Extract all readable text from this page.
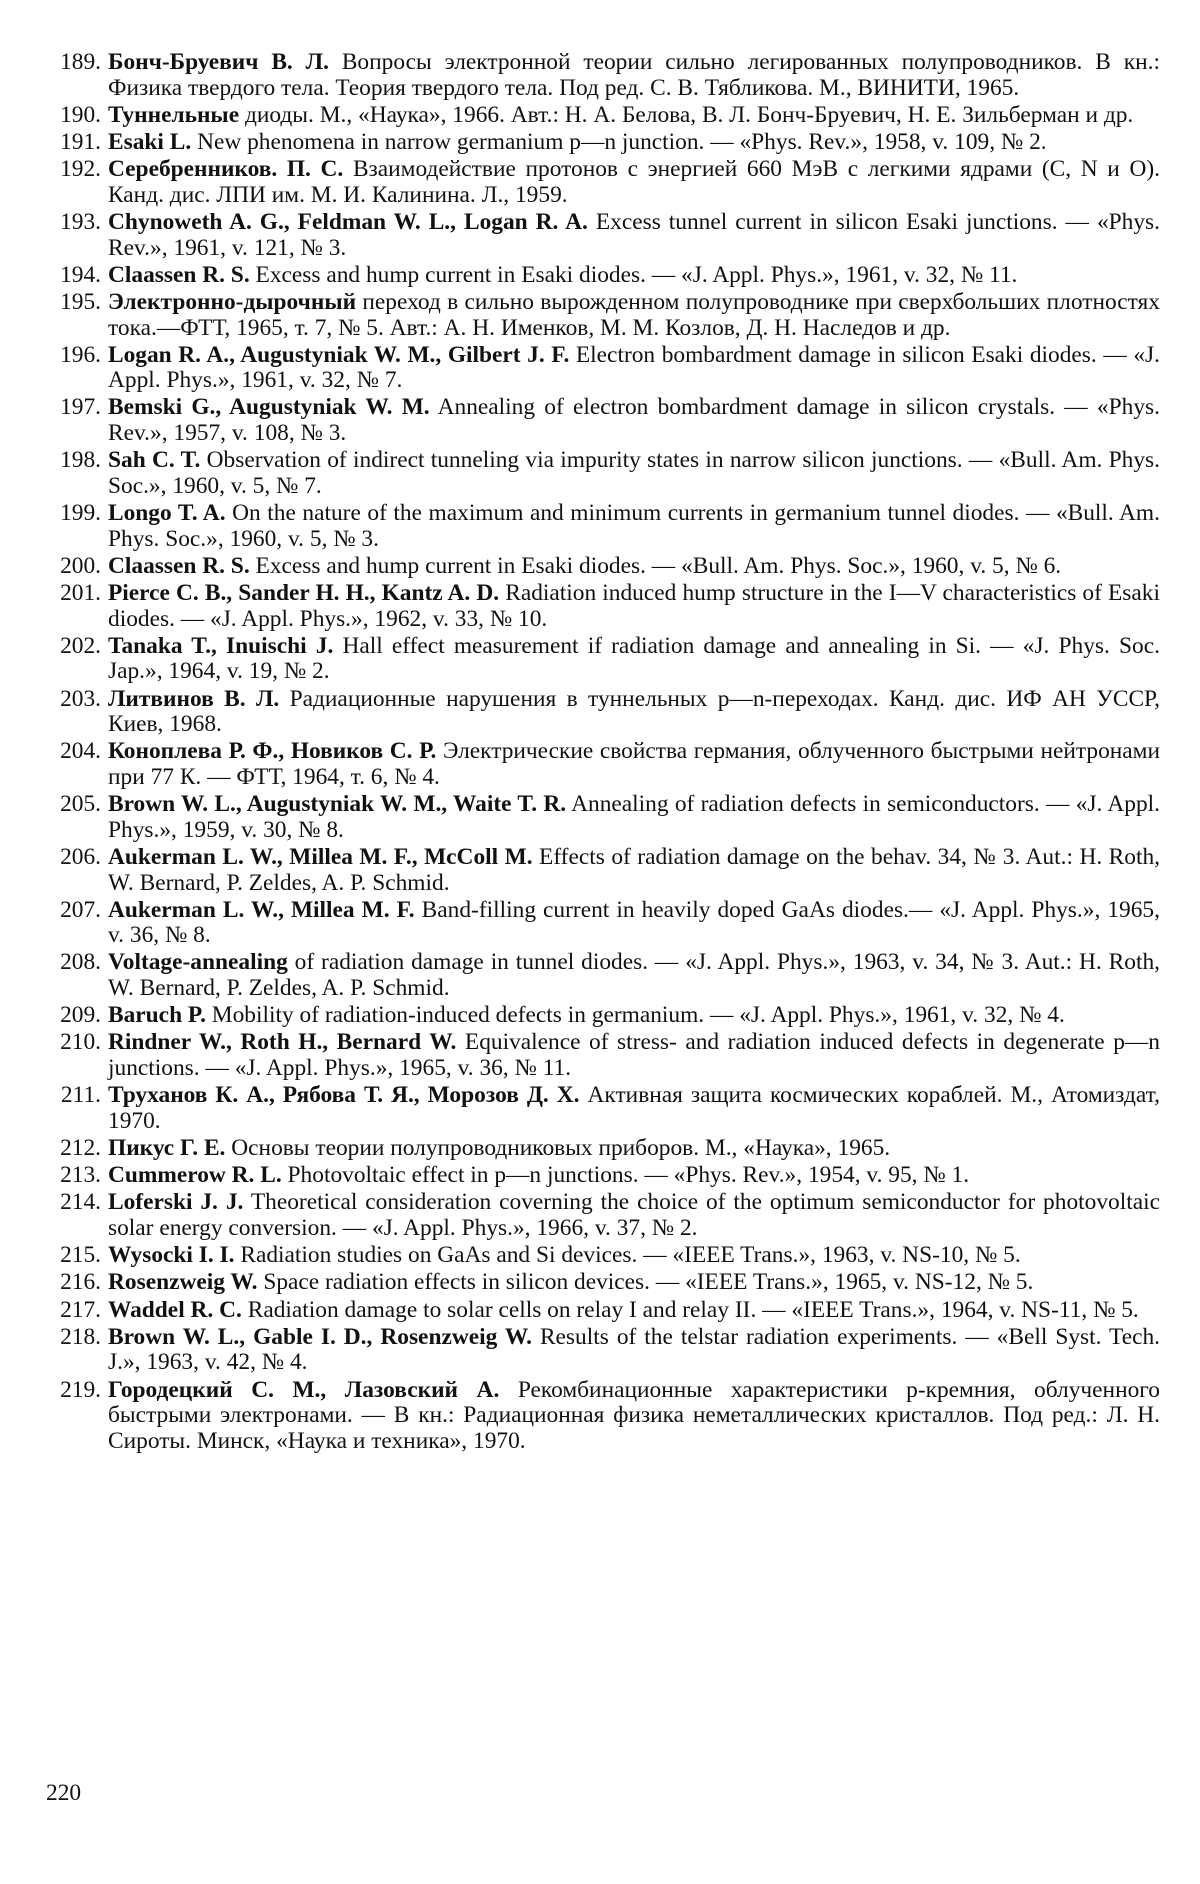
189. Бонч-Бруевич В. Л. Вопросы электронной теории сильно легированных полупроводников. В кн.: Физика твердого тела. Теория твердого тела. Под ред. С. В. Тябликова. М., ВИНИТИ, 1965.
190. Туннельные диоды. М., «Наука», 1966. Авт.: Н. А. Белова, В. Л. Бонч-Бруевич, Н. Е. Зильберман и др.
191. Esaki L. New phenomena in narrow germanium p—n junction. — «Phys. Rev.», 1958, v. 109, № 2.
192. Серебренников. П. С. Взаимодействие протонов с энергией 660 МэВ с легкими ядрами (С, N и О). Канд. дис. ЛПИ им. М. И. Калинина. Л., 1959.
193. Chynoweth A. G., Feldman W. L., Logan R. A. Excess tunnel current in silicon Esaki junctions. — «Phys. Rev.», 1961, v. 121, № 3.
194. Claassen R. S. Excess and hump current in Esaki diodes. — «J. Appl. Phys.», 1961, v. 32, № 11.
195. Электронно-дырочный переход в сильно вырожденном полупроводнике при сверхбольших плотностях тока.—ФТТ, 1965, т. 7, № 5. Авт.: А. Н. Именков, М. М. Козлов, Д. Н. Наследов и др.
196. Logan R. A., Augustyniak W. M., Gilbert J. F. Electron bombardment damage in silicon Esaki diodes. — «J. Appl. Phys.», 1961, v. 32, № 7.
197. Bemski G., Augustyniak W. M. Annealing of electron bombardment damage in silicon crystals. — «Phys. Rev.», 1957, v. 108, № 3.
198. Sah C. T. Observation of indirect tunneling via impurity states in narrow silicon junctions. — «Bull. Am. Phys. Soc.», 1960, v. 5, № 7.
199. Longo T. A. On the nature of the maximum and minimum currents in germanium tunnel diodes. — «Bull. Am. Phys. Soc.», 1960, v. 5, № 3.
200. Claassen R. S. Excess and hump current in Esaki diodes. — «Bull. Am. Phys. Soc.», 1960, v. 5, № 6.
201. Pierce C. B., Sander H. H., Kantz A. D. Radiation induced hump structure in the I—V characteristics of Esaki diodes. — «J. Appl. Phys.», 1962, v. 33, № 10.
202. Tanaka T., Inuischi J. Hall effect measurement if radiation damage and annealing in Si. — «J. Phys. Soc. Jap.», 1964, v. 19, № 2.
203. Литвинов В. Л. Радиационные нарушения в туннельных p—n-переходах. Канд. дис. ИФ АН УССР, Киев, 1968.
204. Коноплева Р. Ф., Новиков С. Р. Электрические свойства германия, облученного быстрыми нейтронами при 77 К. — ФТТ, 1964, т. 6, № 4.
205. Brown W. L., Augustyniak W. M., Waite T. R. Annealing of radiation defects in semiconductors. — «J. Appl. Phys.», 1959, v. 30, № 8.
206. Aukerman L. W., Millea M. F., McColl M. Effects of radiation damage on the behav. 34, № 3. Aut.: H. Roth, W. Bernard, P. Zeldes, A. P. Schmid.
207. Aukerman L. W., Millea M. F. Band-filling current in heavily doped GaAs diodes.— «J. Appl. Phys.», 1965, v. 36, № 8.
208. Voltage-annealing of radiation damage in tunnel diodes. — «J. Appl. Phys.», 1963, v. 34, № 3. Aut.: H. Roth, W. Bernard, P. Zeldes, A. P. Schmid.
209. Baruch P. Mobility of radiation-induced defects in germanium. — «J. Appl. Phys.», 1961, v. 32, № 4.
210. Rindner W., Roth H., Bernard W. Equivalence of stress- and radiation induced defects in degenerate p—n junctions. — «J. Appl. Phys.», 1965, v. 36, № 11.
211. Труханов К. А., Рябова Т. Я., Морозов Д. Х. Активная защита космических кораблей. М., Атомиздат, 1970.
212. Пикус Г. Е. Основы теории полупроводниковых приборов. М., «Наука», 1965.
213. Cummerow R. L. Photovoltaic effect in p—n junctions. — «Phys. Rev.», 1954, v. 95, № 1.
214. Loferski J. J. Theoretical consideration coverning the choice of the optimum semiconductor for photovoltaic solar energy conversion. — «J. Appl. Phys.», 1966, v. 37, № 2.
215. Wysocki I. I. Radiation studies on GaAs and Si devices. — «IEEE Trans.», 1963, v. NS-10, № 5.
216. Rosenzweig W. Space radiation effects in silicon devices. — «IEEE Trans.», 1965, v. NS-12, № 5.
217. Waddel R. C. Radiation damage to solar cells on relay I and relay II. — «IEEE Trans.», 1964, v. NS-11, № 5.
218. Brown W. L., Gable I. D., Rosenzweig W. Results of the telstar radiation experiments. — «Bell Syst. Tech. J.», 1963, v. 42, № 4.
219. Городецкий С. М., Лазовский А. Рекомбинационные характеристики p-кремния, облученного быстрыми электронами. — В кн.: Радиационная физика неметаллических кристаллов. Под ред.: Л. Н. Сироты. Минск, «Наука и техника», 1970.
220
